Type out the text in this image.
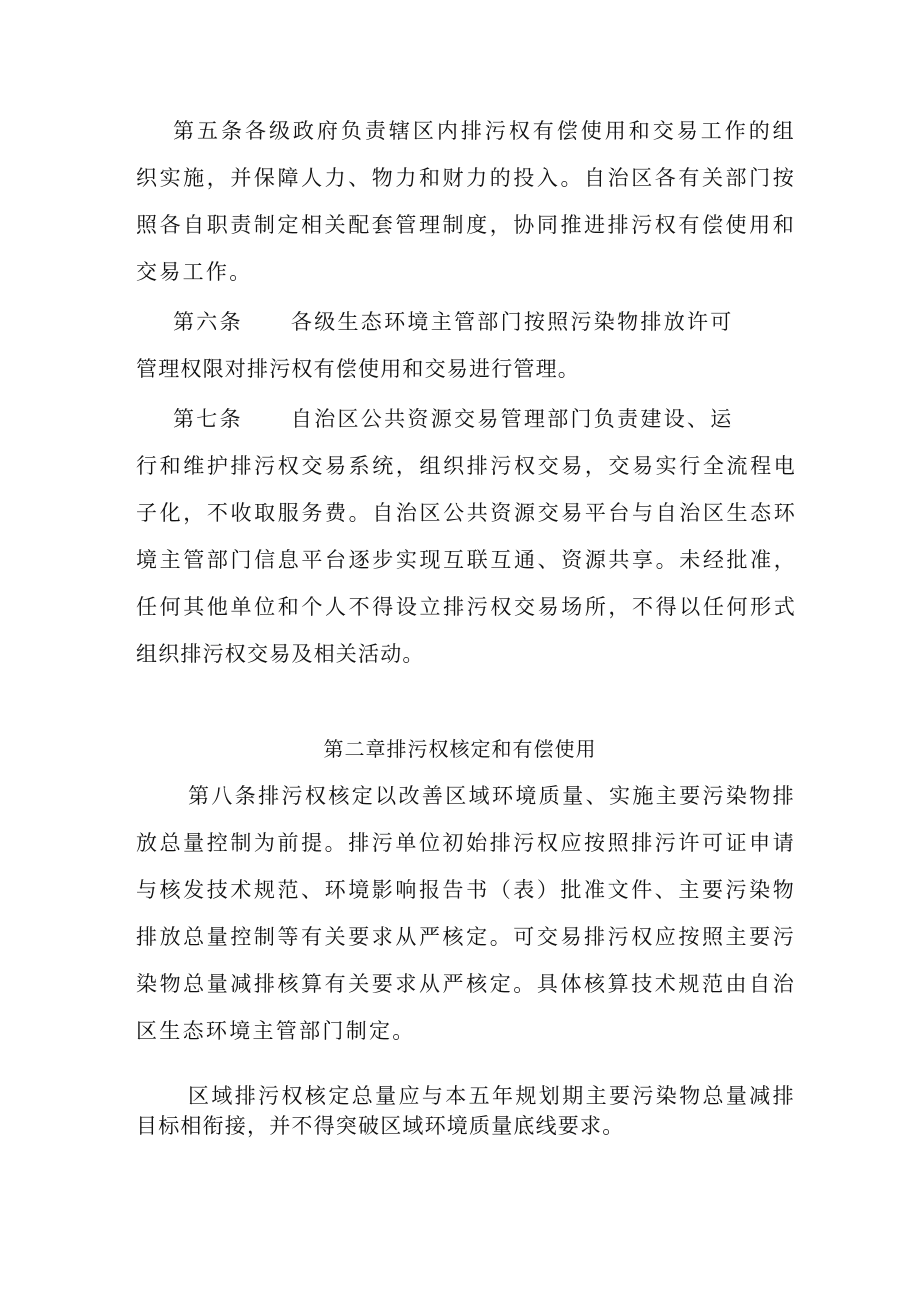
第五条各级政府负责辖区内排污权有偿使用和交易工作的组
织实施，并保障人力、物力和财力的投入。自治区各有关部门按
照各自职责制定相关配套管理制度，协同推进排污权有偿使用和
交易工作。
第六条 各级生态环境主管部门按照污染物排放许可
管理权限对排污权有偿使用和交易进行管理。
第七条 自治区公共资源交易管理部门负责建设、运
行和维护排污权交易系统，组织排污权交易，交易实行全流程电
子化，不收取服务费。自治区公共资源交易平台与自治区生态环
境主管部门信息平台逐步实现互联互通、资源共享。未经批准，
任何其他单位和个人不得设立排污权交易场所，不得以任何形式
组织排污权交易及相关活动。
第二章排污权核定和有偿使用
第八条排污权核定以改善区域环境质量、实施主要污染物排
放总量控制为前提。排污单位初始排污权应按照排污许可证申请
与核发技术规范、环境影响报告书（表）批准文件、主要污染物
排放总量控制等有关要求从严核定。可交易排污权应按照主要污
染物总量减排核算有关要求从严核定。具体核算技术规范由自治
区生态环境主管部门制定。
区域排污权核定总量应与本五年规划期主要污染物总量减排
目标相衔接，并不得突破区域环境质量底线要求。
